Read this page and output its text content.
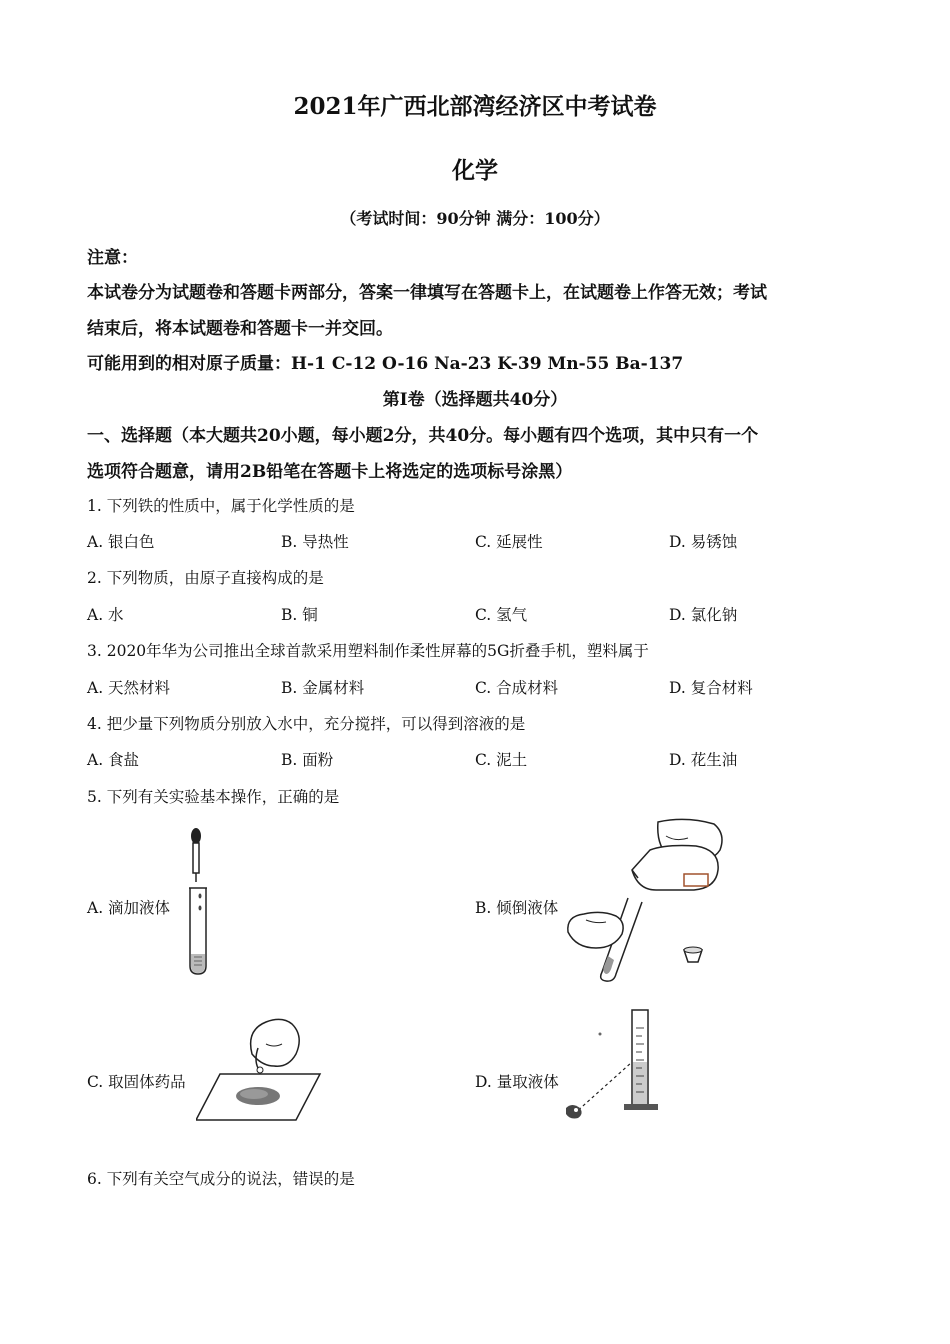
2021年广西北部湾经济区中考试卷
化学
（考试时间：90分钟 满分：100分）
注意：
本试卷分为试题卷和答题卡两部分，答案一律填写在答题卡上，在试题卷上作答无效；考试
结束后，将本试题卷和答题卡一并交回。
可能用到的相对原子质量：H-1 C-12 O-16 Na-23 K-39 Mn-55 Ba-137
第Ⅰ卷（选择题共40分）
一、选择题（本大题共20小题，每小题2分，共40分。每小题有四个选项，其中只有一个
选项符合题意，请用2B铅笔在答题卡上将选定的选项标号涂黑）
1. 下列铁的性质中，属于化学性质的是
A. 银白色	B. 导热性	C. 延展性	D. 易锈蚀
2. 下列物质，由原子直接构成的是
A. 水	B. 铜	C. 氢气	D. 氯化钠
3. 2020年华为公司推出全球首款采用塑料制作柔性屏幕的5G折叠手机，塑料属于
A. 天然材料	B. 金属材料	C. 合成材料	D. 复合材料
4. 把少量下列物质分别放入水中，充分搅拌，可以得到溶液的是
A. 食盐	B. 面粉	C. 泥土	D. 花生油
5. 下列有关实验基本操作，正确的是
A. 滴加液体	B. 倾倒液体
C. 取固体药品	D. 量取液体
6. 下列有关空气成分的说法，错误的是
